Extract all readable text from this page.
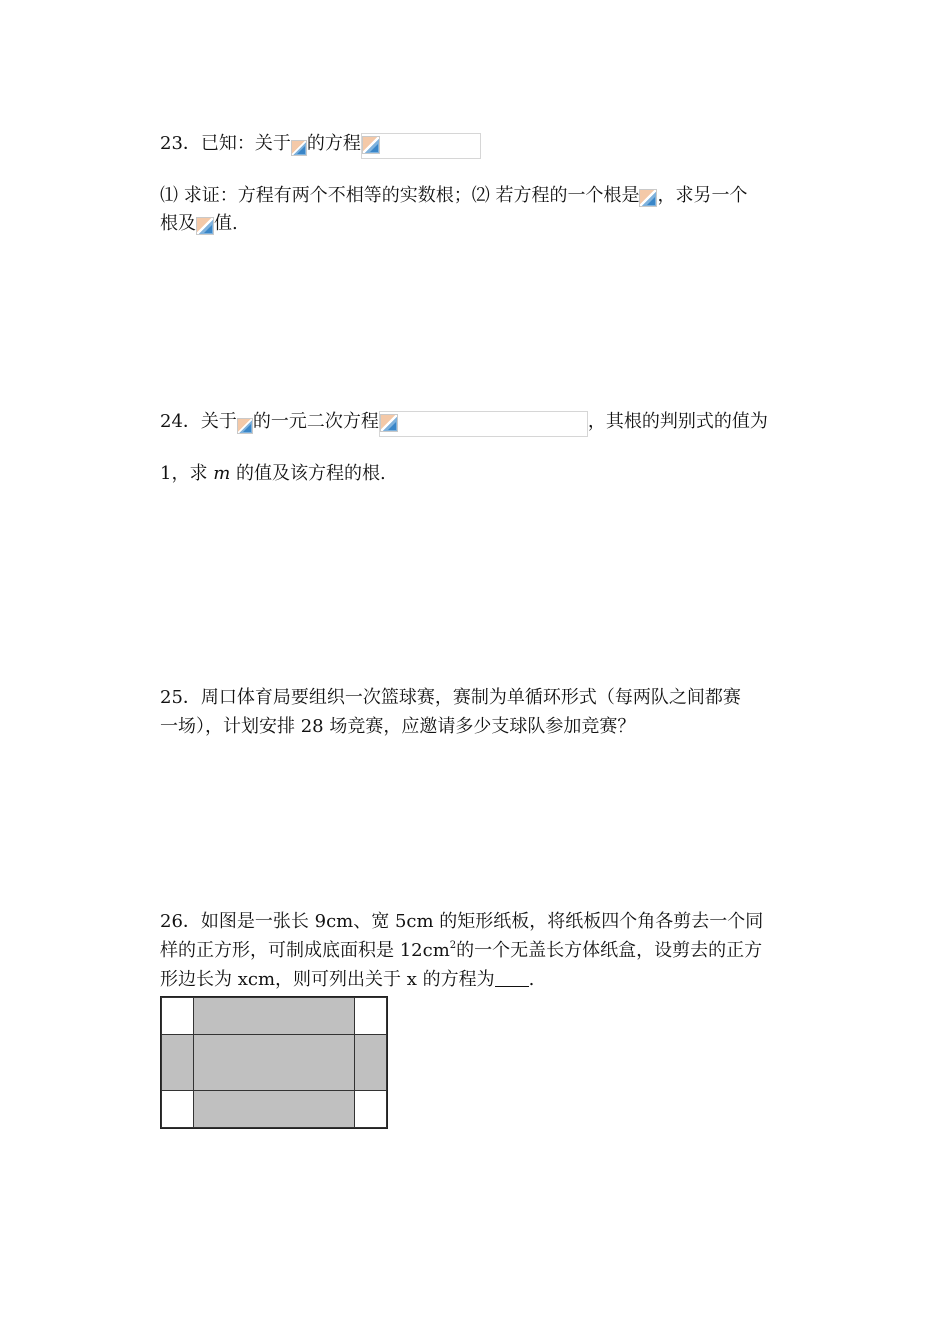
23．已知：关于 的方程
⑴ 求证：方程有两个不相等的实数根；⑵ 若方程的一个根是 ，求另一个
根及 值.
24．关于 的一元二次方程	，其根的判别式的值为
1，求 m 的值及该方程的根.
25．周口体育局要组织一次篮球赛，赛制为单循环形式（每两队之间都赛
一场），计划安排 28 场竞赛，应邀请多少支球队参加竞赛？
26．如图是一张长 9cm、宽 5cm 的矩形纸板，将纸板四个角各剪去一个同
样的正方形，可制成底面积是 $12cm^2$的一个无盖长方体纸盒，设剪去的正方
形边长为 xcm，则可列出关于 x 的方程为 .
